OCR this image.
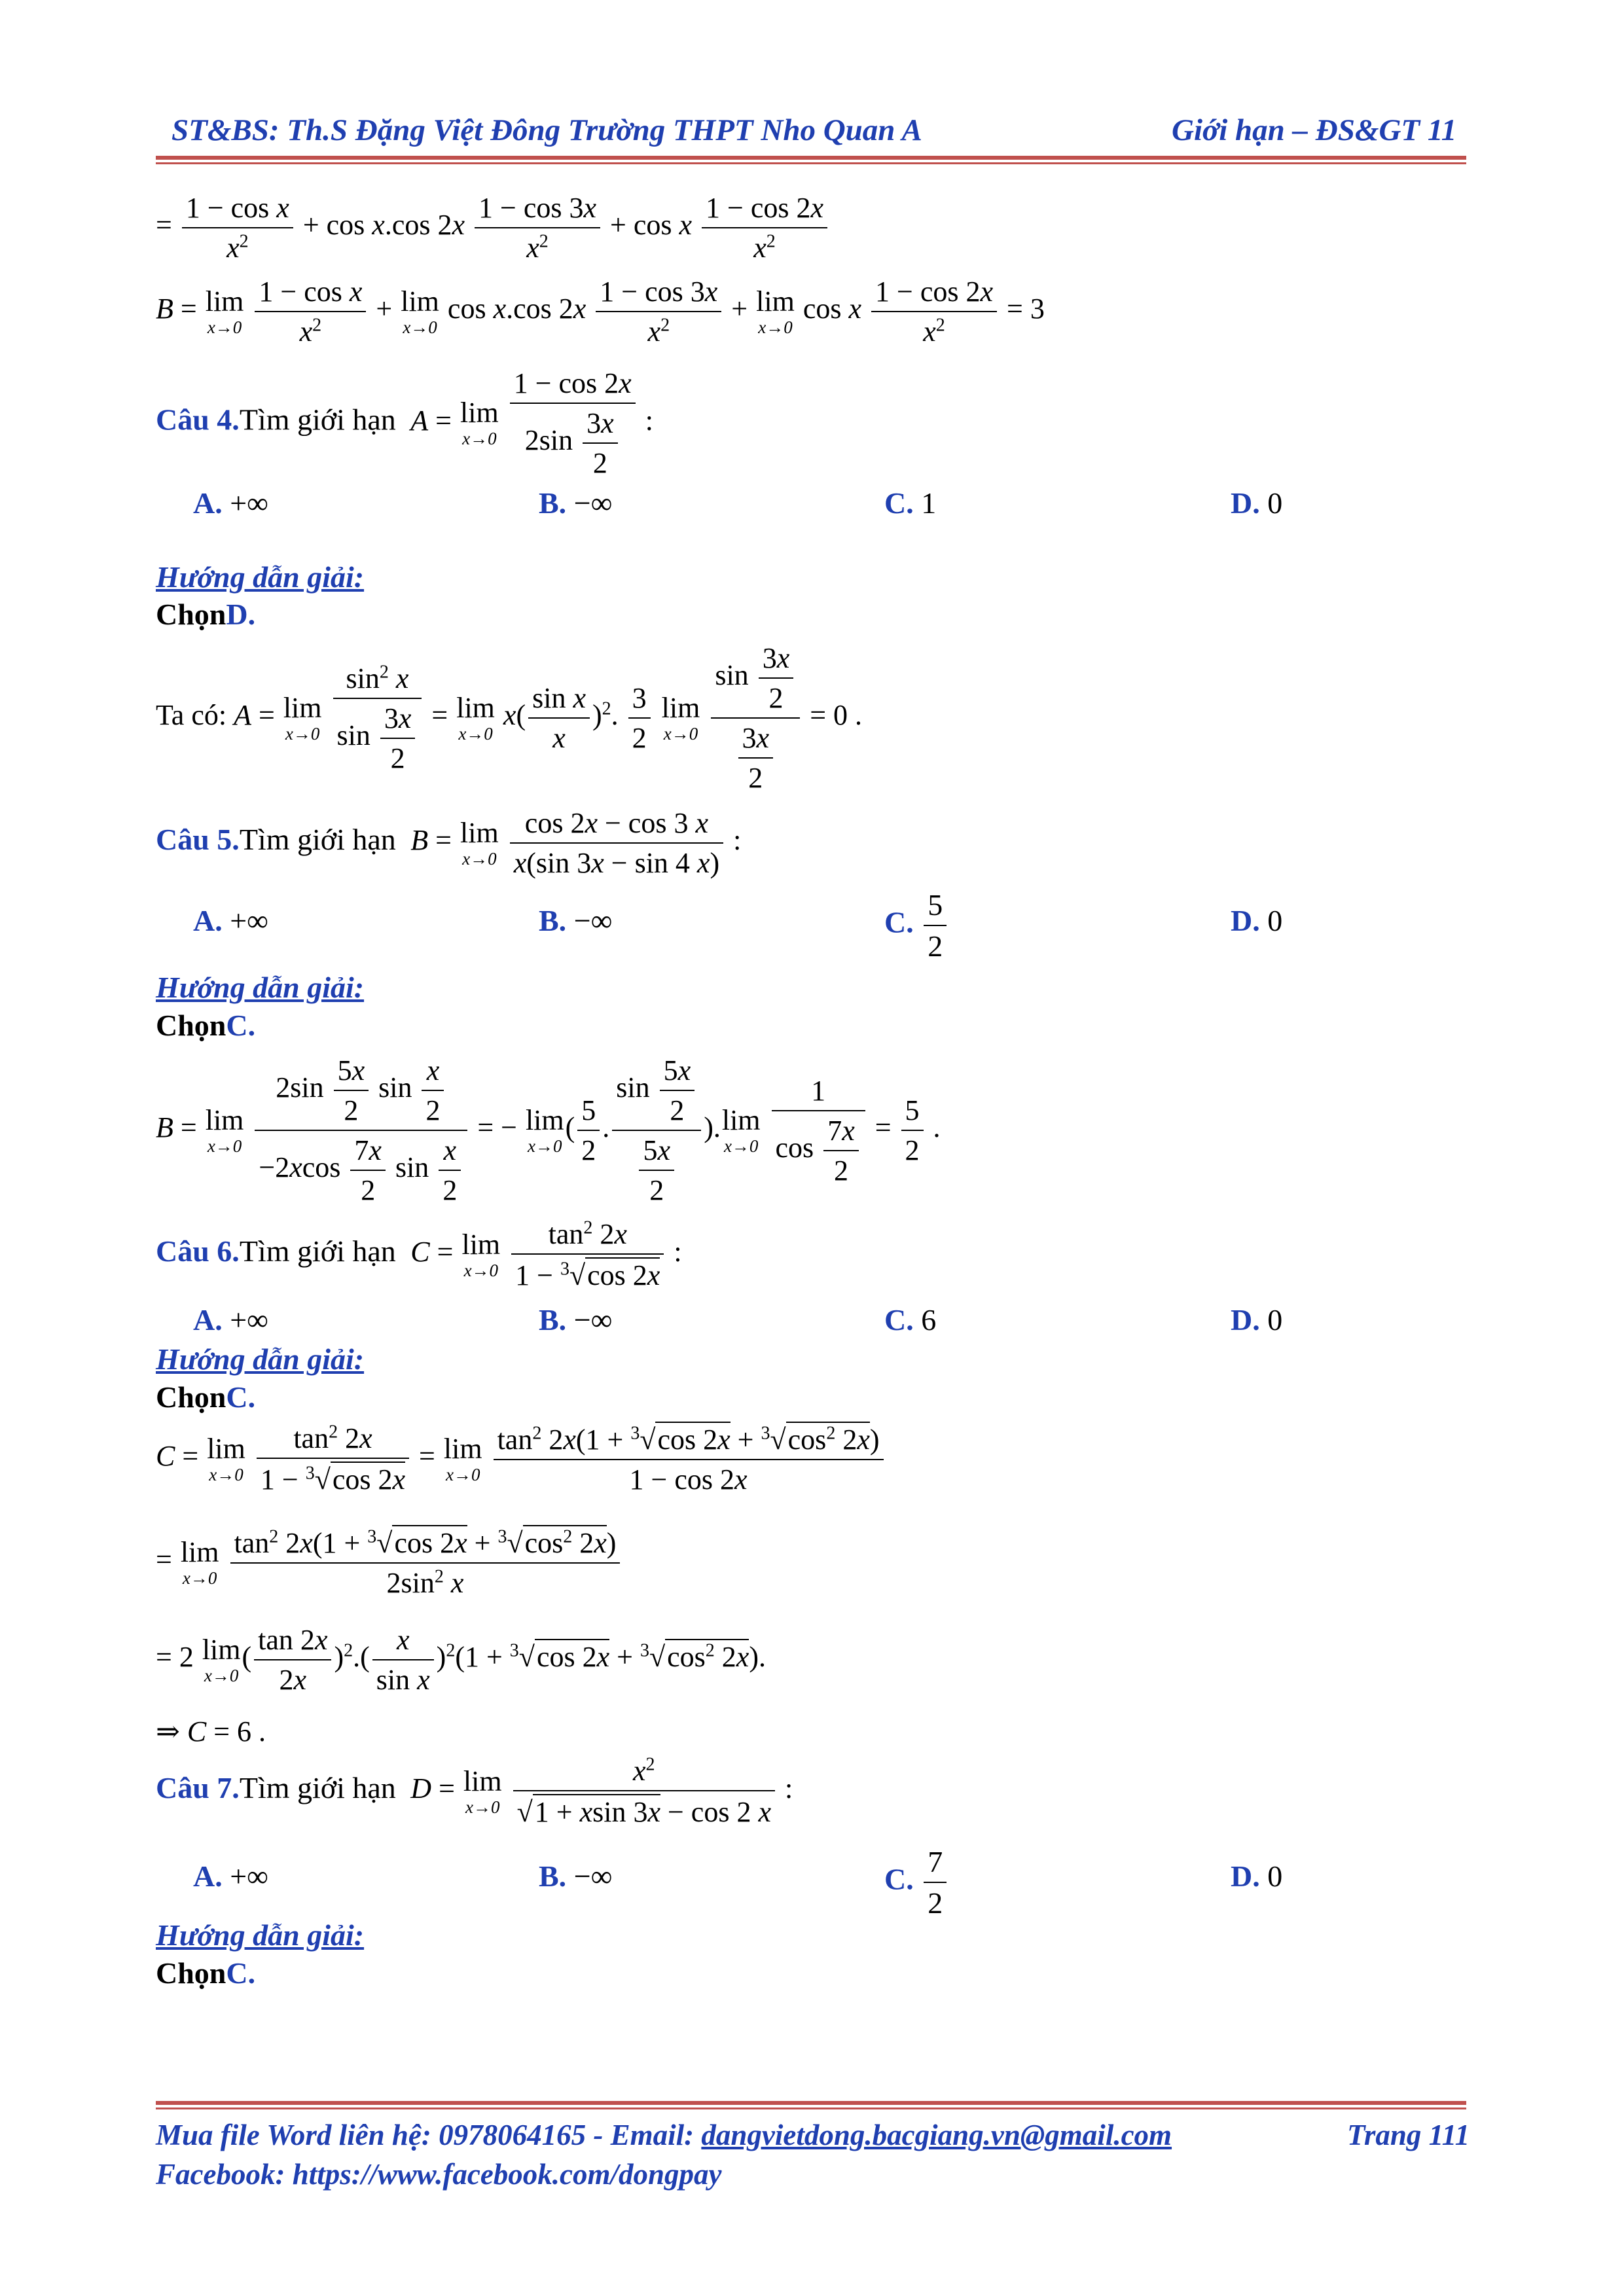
ST&BS: Th.S Đặng Việt Đông Trường THPT Nho Quan A	Giới hạn – ĐS&GT 11
= $\frac{\text{1 − cos x}}{x^2} + \cos x.\cos$ $2x \frac{1 - \cos 3x}{x^2} + \cos x \frac{1 - \cos 2x}{x^2}$
B = lim
x→0
$\frac{\text{1 − cos x}}{x^2} + \lim$
x→0
cos x.cos $2x \frac{1 - \cos 3x}{x^2} + \lim$
x→0
cos x $\frac{1 - \cos 2x}{x^2} = 3$
Câu 4.Tìm giới hạn A = lim
x→0
$\frac{1 - \cos 2x}{2\sin \frac{3x}{2}}$ :
A. +∞	B. −∞	C. 1	D. 0
Hướng dẫn giải:
ChọnD.
Ta có: A = lim
x→0
$\frac{\sin^2 x}{\sin \frac{3x}{2}} = \lim$
x→0
$x( \frac{\text{sin x}}{x} )^2$. $\frac{3}{2}$
lim
x→0
$\frac{\sin \frac{3x}{2}}{\frac{3x}{2}} = 0$ .
Câu 5.Tìm giới hạn B = lim
x→0
$\frac{\cos 2x - \cos 3 x}{x(\sin 3x - \sin 4 x)}$ :
A. +∞	B. −∞	C. $\frac{5}{2}$	D. 0
Hướng dẫn giải:
ChọnC.
B = lim
x→0
$\frac{2\sin \frac{5x}{2} \sin \frac{x}{2}}{-2xcos \frac{7x}{2} \sin \frac{x}{2}}$ = − lim
x→0
( $\frac{5}{2}$ . $\frac{\sin \frac{5x}{2}}{\frac{5x}{2}}$ ). lim
x→0
$\frac{1}{\cos \frac{7x}{2}} = \frac{5}{2}$ .
Câu 6.Tìm giới hạn C = lim
x→0
$\frac{\tan^2 2x}{1 - ^3√\cos 2x}$ :
A. +∞	B. −∞	C. 6	D. 0
Hướng dẫn giải:
ChọnC.
C = lim
x→0
$\frac{\tan^2 2x}{1 - ^3√\cos 2x} = \lim$
x→0
$\frac{\tan^2 2x(1 + ^3√\cos 2x + ^3√\cos^2 2x)}{1 - \cos 2x}$
= lim
x→0
$\frac{\tan^2 2x(1 + ^3√\cos 2x + ^3√\cos^2 2x)}{2\sin^2 x}$
= 2 lim
x→0
( $\frac{\tan 2x}{2x} )^2.( \frac{x}{\text{sin x}} )^2(1 + ^3√\cos$ $2x + ^3√\cos^2$ 2x).
⇒ C = 6 .
Câu 7.Tìm giới hạn D = lim
x→0
$\frac{x^2}{√1 + xsin 3x - \cos 2 x}$ :
A. +∞	B. −∞	C. $\frac{7}{2}$	D. 0
Hướng dẫn giải:
ChọnC.
Mua file Word liên hệ: 0978064165 - Email: dangvietdong.bacgiang.vn@gmail.com	Trang 111
Facebook: https://www.facebook.com/dongpay
